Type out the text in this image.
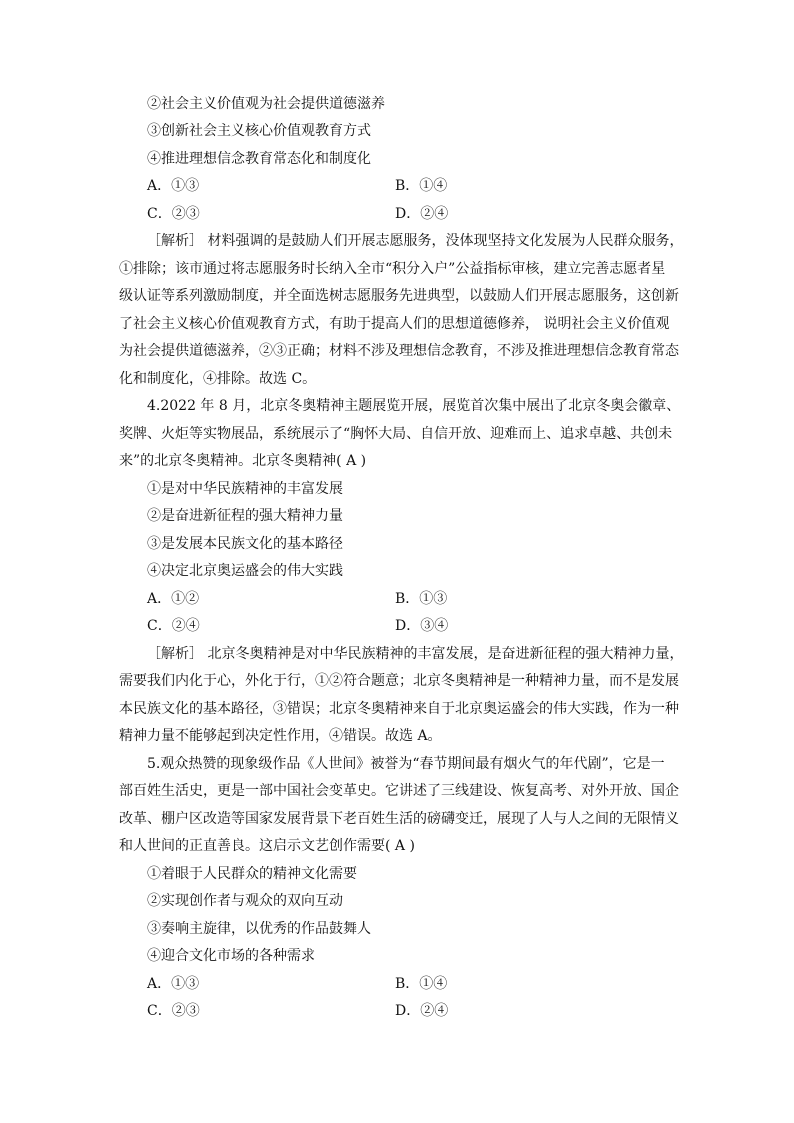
②社会主义价值观为社会提供道德滋养
③创新社会主义核心价值观教育方式
④推进理想信念教育常态化和制度化
A．①③	B．①④
C．②③	D．②④
［解析］ 材料强调的是鼓励人们开展志愿服务，没体现坚持文化发展为人民群众服务，
①排除；该市通过将志愿服务时长纳入全市“积分入户”公益指标审核，建立完善志愿者星
级认证等系列激励制度，并全面选树志愿服务先进典型，以鼓励人们开展志愿服务，这创新
了社会主义核心价值观教育方式，有助于提高人们的思想道德修养， 说明社会主义价值观
为社会提供道德滋养，②③正确；材料不涉及理想信念教育，不涉及推进理想信念教育常态
化和制度化，④排除。故选 C。
4.2022 年 8 月，北京冬奥精神主题展览开展，展览首次集中展出了北京冬奥会徽章、
奖牌、火炬等实物展品，系统展示了“胸怀大局、自信开放、迎难而上、追求卓越、共创未
来”的北京冬奥精神。北京冬奥精神( A )
①是对中华民族精神的丰富发展
②是奋进新征程的强大精神力量
③是发展本民族文化的基本路径
④决定北京奥运盛会的伟大实践
A．①②	B．①③
C．②④	D．③④
［解析］ 北京冬奥精神是对中华民族精神的丰富发展，是奋进新征程的强大精神力量，
需要我们内化于心，外化于行，①②符合题意；北京冬奥精神是一种精神力量，而不是发展
本民族文化的基本路径，③错误；北京冬奥精神来自于北京奥运盛会的伟大实践，作为一种
精神力量不能够起到决定性作用，④错误。故选 A。
5.观众热赞的现象级作品《人世间》被誉为“春节期间最有烟火气的年代剧”，它是一
部百姓生活史，更是一部中国社会变革史。它讲述了三线建设、恢复高考、对外开放、国企
改革、棚户区改造等国家发展背景下老百姓生活的磅礴变迁，展现了人与人之间的无限情义
和人世间的正直善良。这启示文艺创作需要( A )
①着眼于人民群众的精神文化需要
②实现创作者与观众的双向互动
③奏响主旋律，以优秀的作品鼓舞人
④迎合文化市场的各种需求
A．①③	B．①④
C．②③	D．②④
